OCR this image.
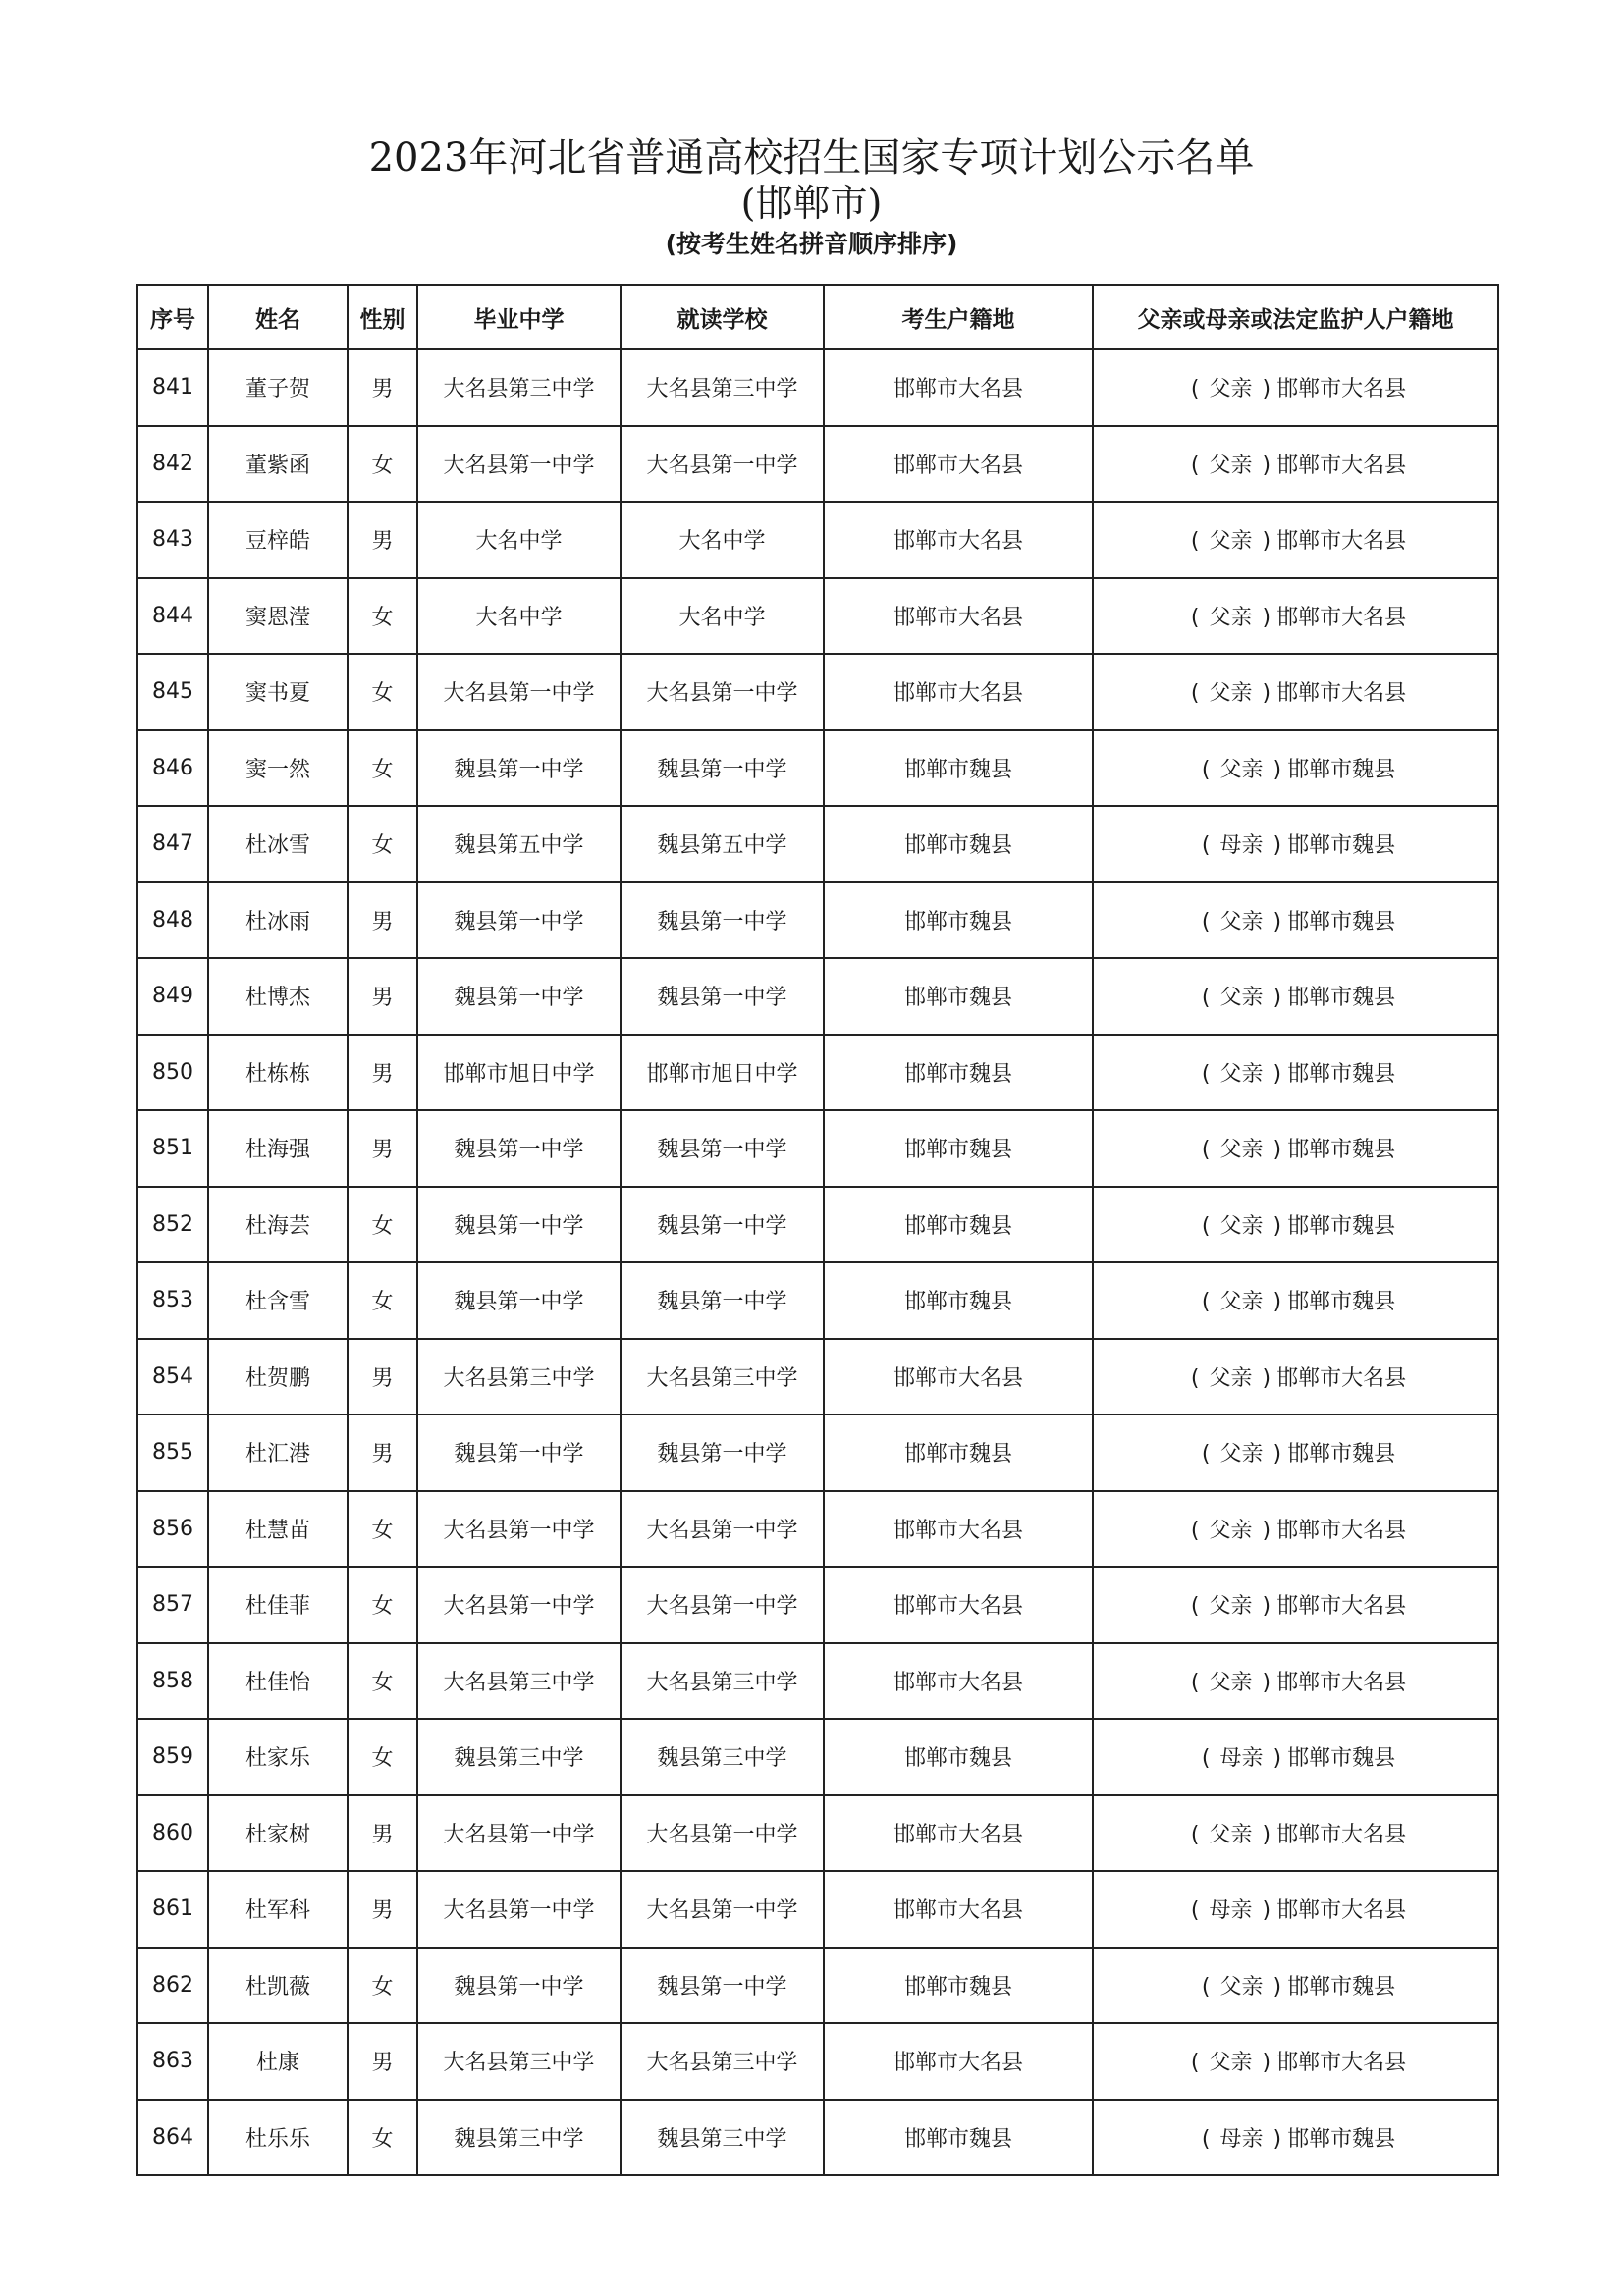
2023年河北省普通高校招生国家专项计划公示名单
(邯郸市)
(按考生姓名拼音顺序排序)
序号	姓名	性别	毕业中学	就读学校	考生户籍地	父亲或母亲或法定监护人户籍地
841	董子贺	男	大名县第三中学	大名县第三中学	邯郸市大名县	( 父亲 ) 邯郸市大名县
842	董紫函	女	大名县第一中学	大名县第一中学	邯郸市大名县	( 父亲 ) 邯郸市大名县
843	豆梓皓	男	大名中学	大名中学	邯郸市大名县	( 父亲 ) 邯郸市大名县
844	窦恩滢	女	大名中学	大名中学	邯郸市大名县	( 父亲 ) 邯郸市大名县
845	窦书夏	女	大名县第一中学	大名县第一中学	邯郸市大名县	( 父亲 ) 邯郸市大名县
846	窦一然	女	魏县第一中学	魏县第一中学	邯郸市魏县	( 父亲 ) 邯郸市魏县
847	杜冰雪	女	魏县第五中学	魏县第五中学	邯郸市魏县	( 母亲 ) 邯郸市魏县
848	杜冰雨	男	魏县第一中学	魏县第一中学	邯郸市魏县	( 父亲 ) 邯郸市魏县
849	杜博杰	男	魏县第一中学	魏县第一中学	邯郸市魏县	( 父亲 ) 邯郸市魏县
850	杜栋栋	男	邯郸市旭日中学	邯郸市旭日中学	邯郸市魏县	( 父亲 ) 邯郸市魏县
851	杜海强	男	魏县第一中学	魏县第一中学	邯郸市魏县	( 父亲 ) 邯郸市魏县
852	杜海芸	女	魏县第一中学	魏县第一中学	邯郸市魏县	( 父亲 ) 邯郸市魏县
853	杜含雪	女	魏县第一中学	魏县第一中学	邯郸市魏县	( 父亲 ) 邯郸市魏县
854	杜贺鹏	男	大名县第三中学	大名县第三中学	邯郸市大名县	( 父亲 ) 邯郸市大名县
855	杜汇港	男	魏县第一中学	魏县第一中学	邯郸市魏县	( 父亲 ) 邯郸市魏县
856	杜慧苗	女	大名县第一中学	大名县第一中学	邯郸市大名县	( 父亲 ) 邯郸市大名县
857	杜佳菲	女	大名县第一中学	大名县第一中学	邯郸市大名县	( 父亲 ) 邯郸市大名县
858	杜佳怡	女	大名县第三中学	大名县第三中学	邯郸市大名县	( 父亲 ) 邯郸市大名县
859	杜家乐	女	魏县第三中学	魏县第三中学	邯郸市魏县	( 母亲 ) 邯郸市魏县
860	杜家树	男	大名县第一中学	大名县第一中学	邯郸市大名县	( 父亲 ) 邯郸市大名县
861	杜军科	男	大名县第一中学	大名县第一中学	邯郸市大名县	( 母亲 ) 邯郸市大名县
862	杜凯薇	女	魏县第一中学	魏县第一中学	邯郸市魏县	( 父亲 ) 邯郸市魏县
863	杜康	男	大名县第三中学	大名县第三中学	邯郸市大名县	( 父亲 ) 邯郸市大名县
864	杜乐乐	女	魏县第三中学	魏县第三中学	邯郸市魏县	( 母亲 ) 邯郸市魏县
